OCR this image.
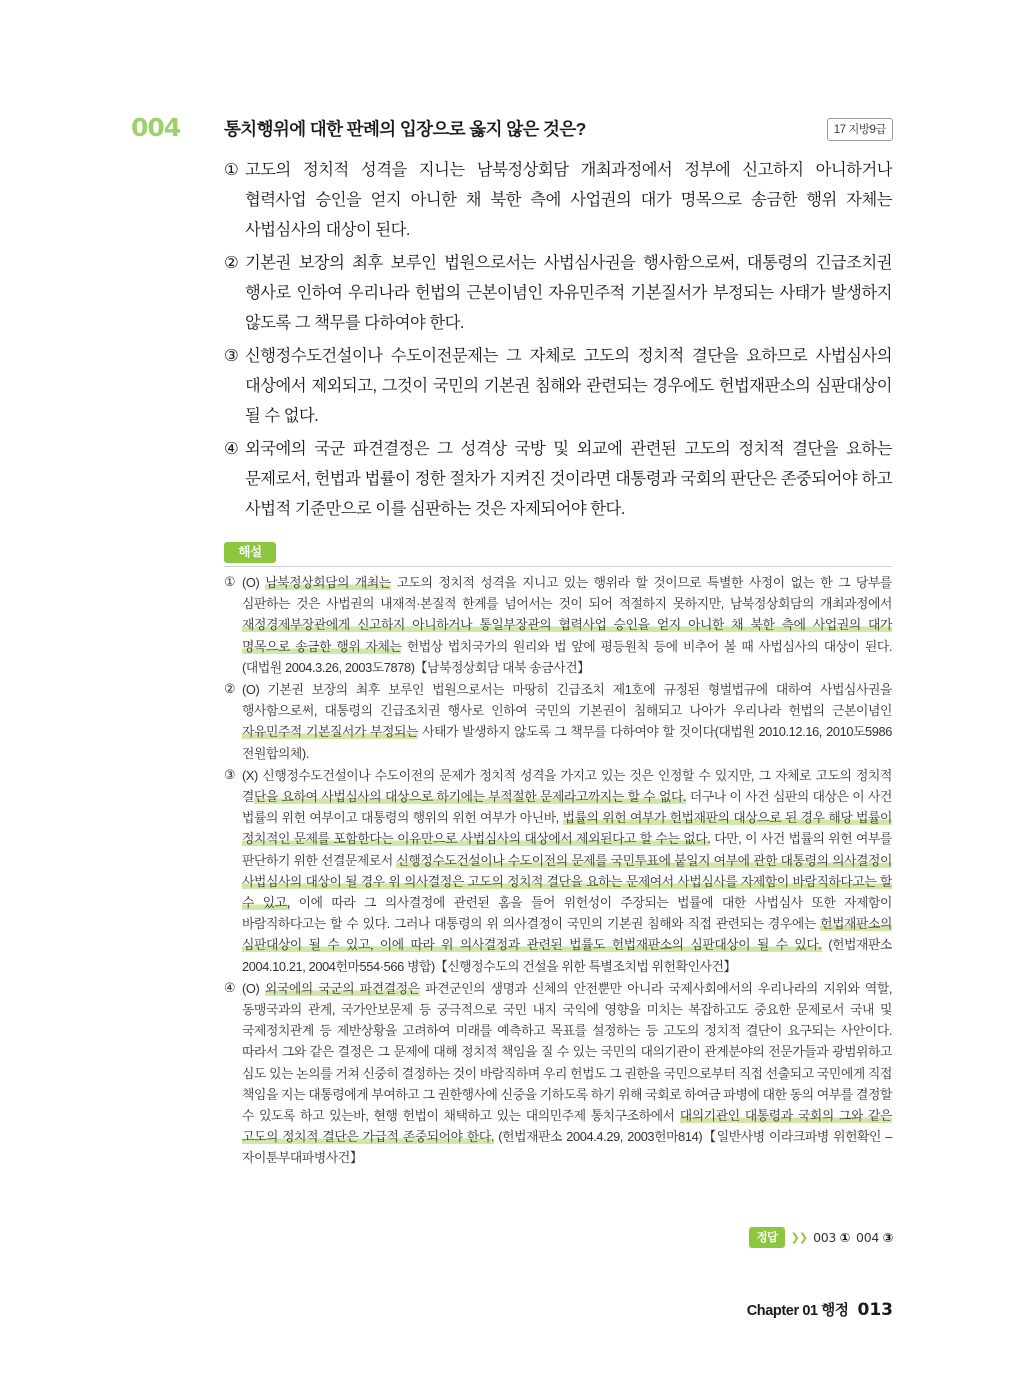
004	통치행위에 대한 판례의 입장으로 옳지 않은 것은?	17 지방9급
① 고도의 정치적 성격을 지니는 남북정상회담 개최과정에서 정부에 신고하지 아니하거나 협력사업 승인을 얻지 아니한 채 북한 측에 사업권의 대가 명목으로 송금한 행위 자체는 사법심사의 대상이 된다.
② 기본권 보장의 최후 보루인 법원으로서는 사법심사권을 행사함으로써, 대통령의 긴급조치권 행사로 인하여 우리나라 헌법의 근본이념인 자유민주적 기본질서가 부정되는 사태가 발생하지 않도록 그 책무를 다하여야 한다.
③ 신행정수도건설이나 수도이전문제는 그 자체로 고도의 정치적 결단을 요하므로 사법심사의 대상에서 제외되고, 그것이 국민의 기본권 침해와 관련되는 경우에도 헌법재판소의 심판대상이 될 수 없다.
④ 외국에의 국군 파견결정은 그 성격상 국방 및 외교에 관련된 고도의 정치적 결단을 요하는 문제로서, 헌법과 법률이 정한 절차가 지켜진 것이라면 대통령과 국회의 판단은 존중되어야 하고 사법적 기준만으로 이를 심판하는 것은 자제되어야 한다.
해설
① (O) 남북정상회담의 개최는 고도의 정치적 성격을 지니고 있는 행위라 할 것이므로 특별한 사정이 없는 한 그 당부를 심판하는 것은 사법권의 내재적·본질적 한계를 넘어서는 것이 되어 적절하지 못하지만, 남북정상회담의 개최과정에서 재정경제부장관에게 신고하지 아니하거나 통일부장관의 협력사업 승인을 얻지 아니한 채 북한 측에 사업권의 대가 명목으로 송금한 행위 자체는 헌법상 법치국가의 원리와 법 앞에 평등원칙 등에 비추어 볼 때 사법심사의 대상이 된다. (대법원 2004.3.26, 2003도7878)【남북정상회담 대북 송금사건】
② (O) 기본권 보장의 최후 보루인 법원으로서는 마땅히 긴급조치 제1호에 규정된 형벌법규에 대하여 사법심사권을 행사함으로써, 대통령의 긴급조치권 행사로 인하여 국민의 기본권이 침해되고 나아가 우리나라 헌법의 근본이념인 자유민주적 기본질서가 부정되는 사태가 발생하지 않도록 그 책무를 다하여야 할 것이다(대법원 2010.12.16, 2010도5986 전원합의체).
③ (X) 신행정수도건설이나 수도이전의 문제가 정치적 성격을 가지고 있는 것은 인정할 수 있지만, 그 자체로 고도의 정치적 결단을 요하여 사법심사의 대상으로 하기에는 부적절한 문제라고까지는 할 수 없다. 더구나 이 사건 심판의 대상은 이 사건 법률의 위헌 여부이고 대통령의 행위의 위헌 여부가 아닌바, 법률의 위헌 여부가 헌법재판의 대상으로 된 경우 해당 법률이 정치적인 문제를 포함한다는 이유만으로 사법심사의 대상에서 제외된다고 할 수는 없다. 다만, 이 사건 법률의 위헌 여부를 판단하기 위한 선결문제로서 신행정수도건설이나 수도이전의 문제를 국민투표에 붙일지 여부에 관한 대통령의 의사결정이 사법심사의 대상이 될 경우 위 의사결정은 고도의 정치적 결단을 요하는 문제여서 사법심사를 자제함이 바람직하다고는 할 수 있고, 이에 따라 그 의사결정에 관련된 홈을 들어 위헌성이 주장되는 법률에 대한 사법심사 또한 자제함이 바람직하다고는 할 수 있다. 그러나 대통령의 위 의사결정이 국민의 기본권 침해와 직접 관련되는 경우에는 헌법재판소의 심판대상이 될 수 있고, 이에 따라 위 의사결정과 관련된 법률도 헌법재판소의 심판대상이 될 수 있다. (헌법재판소 2004.10.21, 2004헌마554·566 병합)【신행정수도의 건설을 위한 특별조치법 위헌확인사건】
④ (O) 외국에의 국군의 파견결정은 파견군인의 생명과 신체의 안전뿐만 아니라 국제사회에서의 우리나라의 지위와 역할, 동맹국과의 관계, 국가안보문제 등 궁극적으로 국민 내지 국익에 영향을 미치는 복잡하고도 중요한 문제로서 국내 및 국제정치관계 등 제반상황을 고려하여 미래를 예측하고 목표를 설정하는 등 고도의 정치적 결단이 요구되는 사안이다. 따라서 그와 같은 결정은 그 문제에 대해 정치적 책임을 질 수 있는 국민의 대의기관이 관계분야의 전문가들과 광범위하고 심도 있는 논의를 거쳐 신중히 결정하는 것이 바람직하며 우리 헌법도 그 권한을 국민으로부터 직접 선출되고 국민에게 직접 책임을 지는 대통령에게 부여하고 그 권한행사에 신중을 기하도록 하기 위해 국회로 하여금 파병에 대한 동의 여부를 결정할 수 있도록 하고 있는바, 현행 헌법이 채택하고 있는 대의민주제 통치구조하에서 대의기관인 대통령과 국회의 그와 같은 고도의 정치적 결단은 가급적 존중되어야 한다. (헌법재판소 2004.4.29, 2003헌마814)【일반사병 이라크파병 위헌확인 – 자이툰부대파병사건】
정답	❯❯ 003 ① 004 ③
Chapter 01 행정 013
